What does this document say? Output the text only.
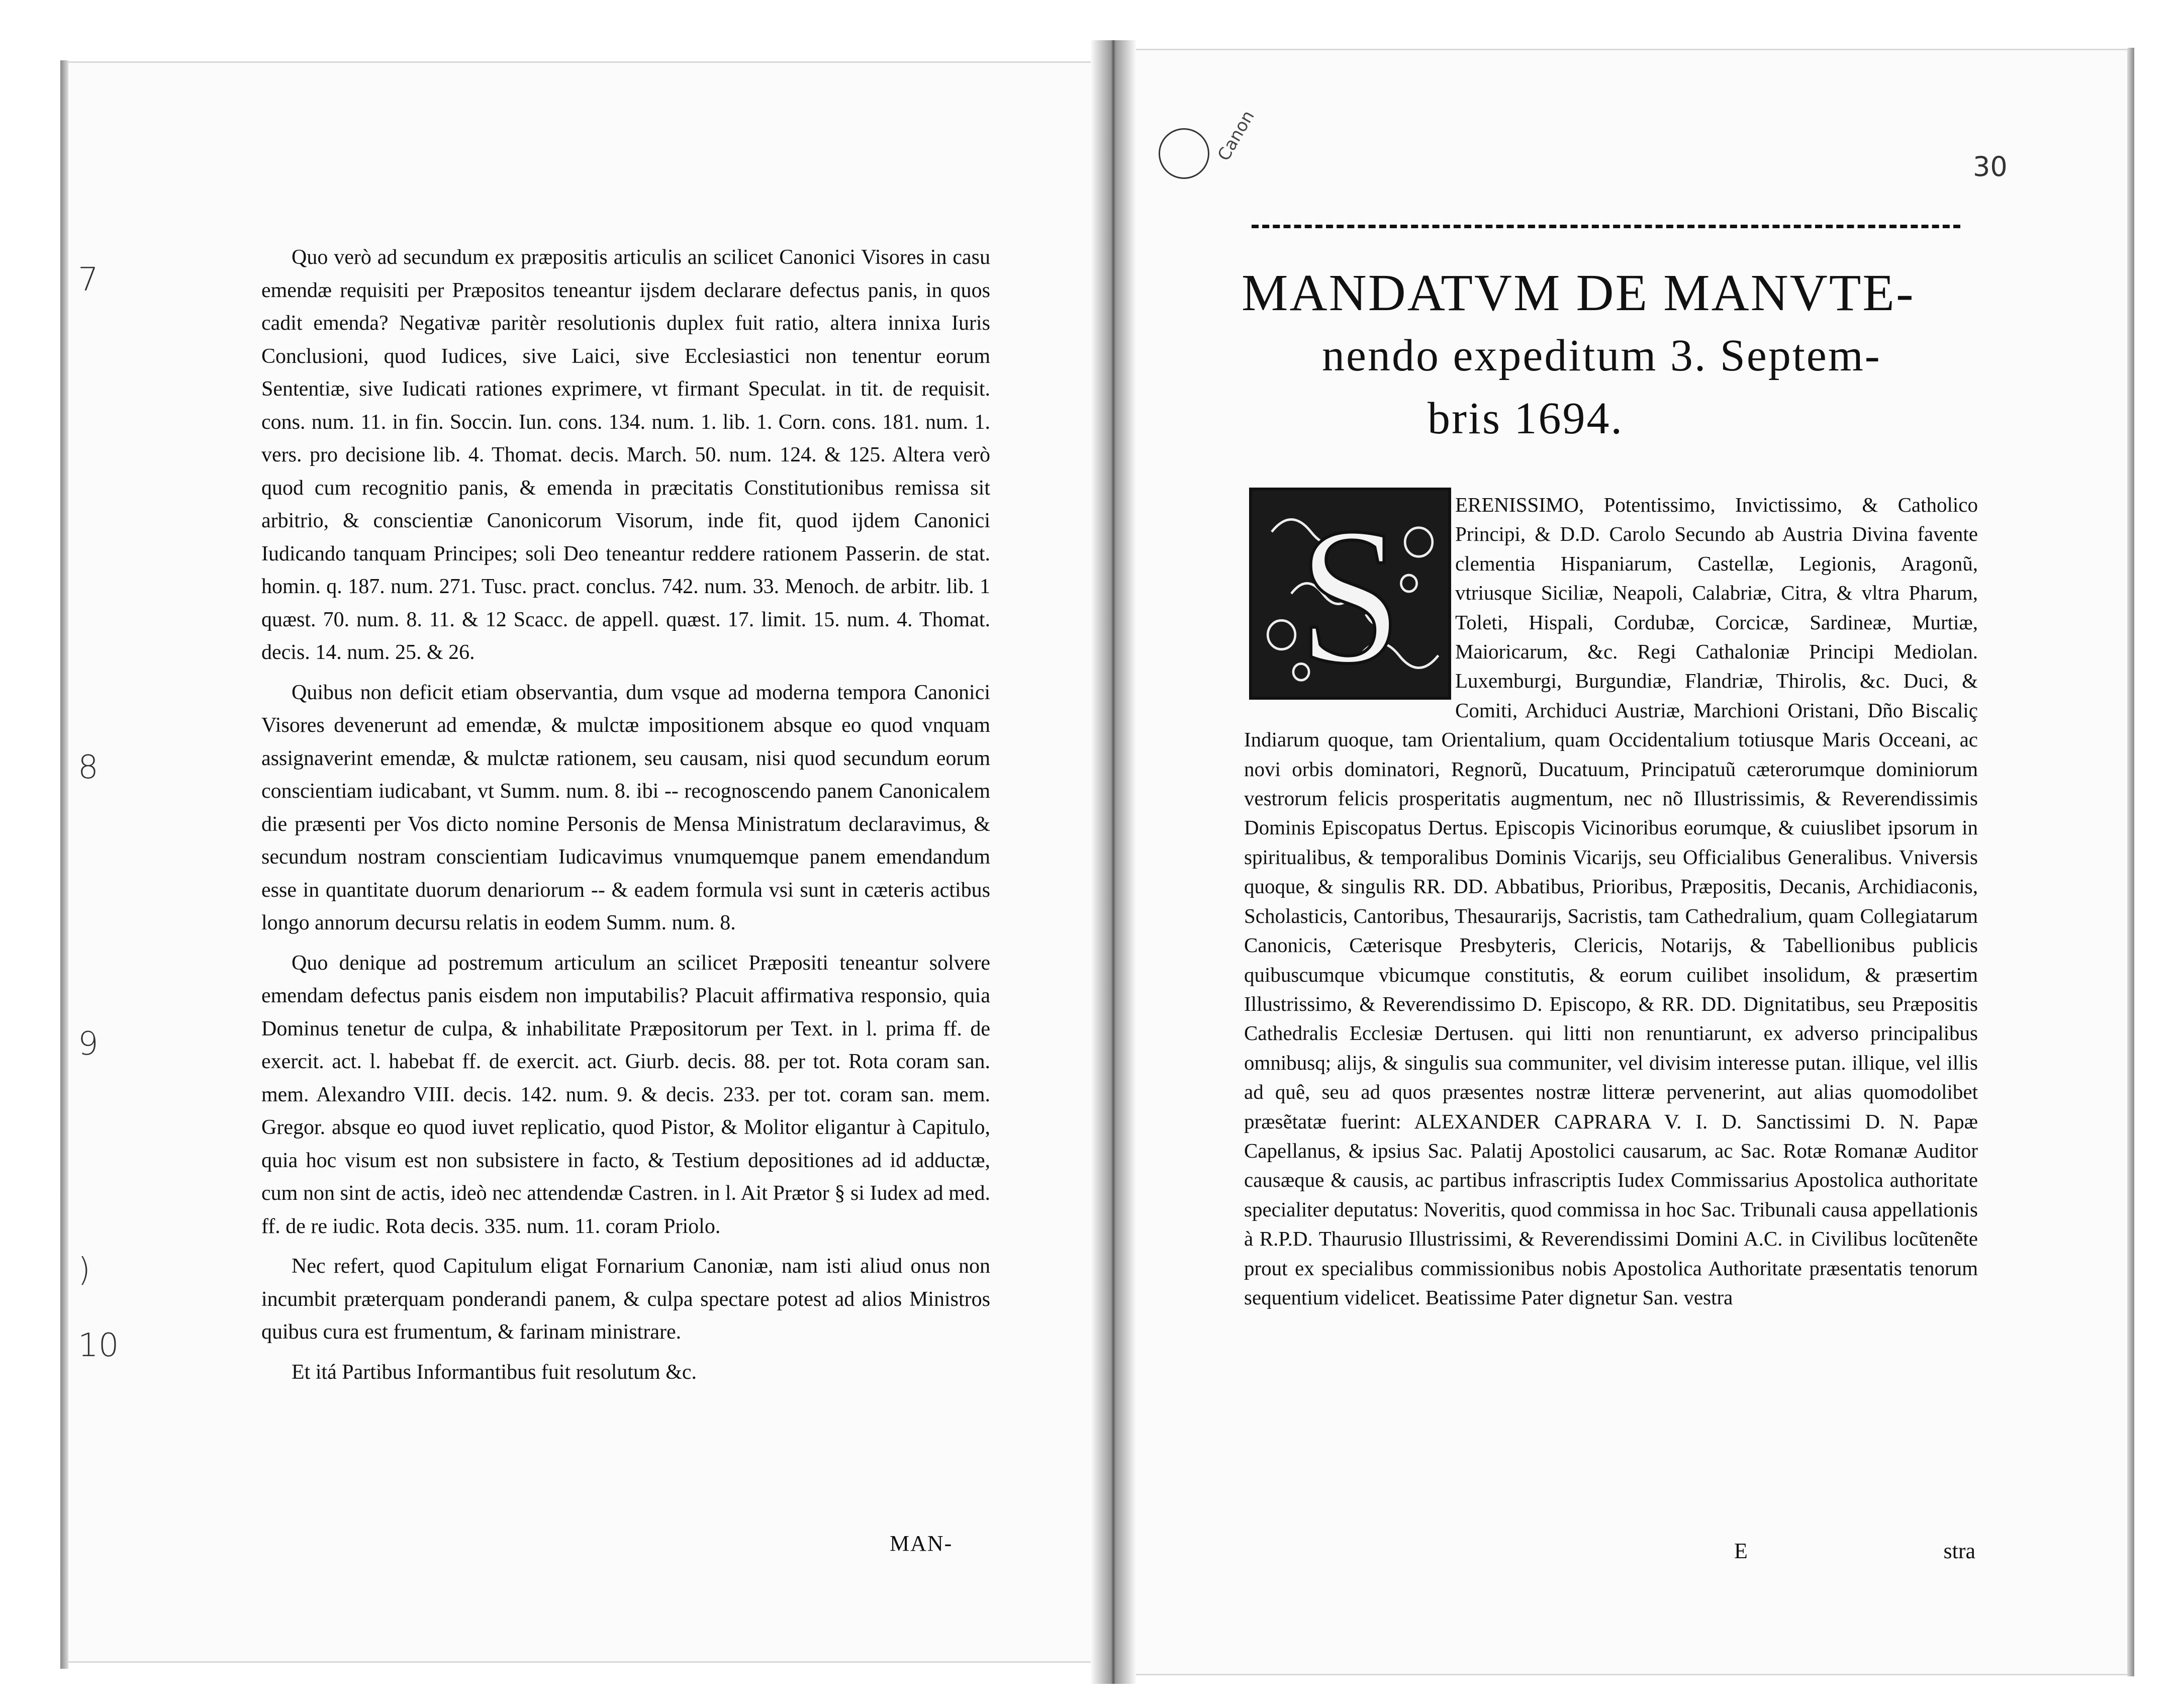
7
8
9
)
10

Quo verò ad secundum ex præpositis articulis an scilicet Canonici Visores in casu emendæ requisiti per Præpositos teneantur ijsdem declarare defectus panis, in quos cadit emenda? Negativæ paritèr resolutionis duplex fuit ratio, altera innixa Iuris Conclusioni, quod Iudices, sive Laici, sive Ecclesiastici non tenentur eorum Sententiæ, sive Iudicati rationes exprimere, vt firmant Speculat. in tit. de requisit. cons. num. 11. in fin. Soccin. Iun. cons. 134. num. 1. lib. 1. Corn. cons. 181. num. 1. vers. pro decisione lib. 4. Thomat. decis. March. 50. num. 124. & 125. Altera verò quod cum recognitio panis, & emenda in præcitatis Constitutionibus remissa sit arbitrio, & conscientiæ Canonicorum Visorum, inde fit, quod ijdem Canonici Iudicando tanquam Principes; soli Deo teneantur reddere rationem Passerin. de stat. homin. q. 187. num. 271. Tusc. pract. conclus. 742. num. 33. Menoch. de arbitr. lib. 1 quæst. 70. num. 8. 11. & 12 Scacc. de appell. quæst. 17. limit. 15. num. 4. Thomat. decis. 14. num. 25. & 26.

Quibus non deficit etiam observantia, dum vsque ad moderna tempora Canonici Visores devenerunt ad emendæ, & mulctæ impositionem absque eo quod vnquam assignaverint emendæ, & mulctæ rationem, seu causam, nisi quod secundum eorum conscientiam iudicabant, vt Summ. num. 8. ibi -- recognoscendo panem Canonicalem die præsenti per Vos dicto nomine Personis de Mensa Ministratum declaravimus, & secundum nostram conscientiam Iudicavimus vnumquemque panem emendandum esse in quantitate duorum denariorum -- & eadem formula vsi sunt in cæteris actibus longo annorum decursu relatis in eodem Summ. num. 8.

Quo denique ad postremum articulum an scilicet Præpositi teneantur solvere emendam defectus panis eisdem non imputabilis? Placuit affirmativa responsio, quia Dominus tenetur de culpa, & inhabilitate Præpositorum per Text. in l. prima ff. de exercit. act. l. habebat ff. de exercit. act. Giurb. decis. 88. per tot. Rota coram san. mem. Alexandro VIII. decis. 142. num. 9. & decis. 233. per tot. coram san. mem. Gregor. absque eo quod iuvet replicatio, quod Pistor, & Molitor eligantur à Capitulo, quia hoc visum est non subsistere in facto, & Testium depositiones ad id adductæ, cum non sint de actis, ideò nec attendendæ Castren. in l. Ait Prætor § si Iudex ad med. ff. de re iudic. Rota decis. 335. num. 11. coram Priolo.

Nec refert, quod Capitulum eligat Fornarium Canoniæ, nam isti aliud onus non incumbit præterquam ponderandi panem, & culpa spectare potest ad alios Ministros quibus cura est frumentum, & farinam ministrare.

Et itá Partibus Informantibus fuit resolutum &c.

MAN-
Canon
30
MANDATVM DE MANVTE-
nendo expeditum 3. Septem-
bris 1694.
S	ERENISSIMO, Potentissimo, Invictissimo, & Catholico Principi, & D.D. Carolo Secundo ab Austria Divina favente clementia Hispaniarum, Castellæ, Legionis, Aragonũ, vtriusque Siciliæ, Neapoli, Calabriæ, Citra, & vltra Pharum, Toleti, Hispali, Cordubæ, Corcicæ, Sardineæ, Murtiæ, Maioricarum, &c. Regi Cathaloniæ Principi Mediolan. Luxemburgi, Burgundiæ, Flandriæ, Thirolis, &c. Duci, & Comiti, Archiduci Austriæ, Marchioni Oristani, Dño Biscaliç Indiarum quoque, tam Orientalium, quam Occidentalium totiusque Maris Occeani, ac novi orbis dominatori, Regnorũ, Ducatuum, Principatuũ cæterorumque dominiorum vestrorum felicis prosperitatis augmentum, nec nõ Illustrissimis, & Reverendissimis Dominis Episcopatus Dertus. Episcopis Vicinoribus eorumque, & cuiuslibet ipsorum in spiritualibus, & temporalibus Dominis Vicarijs, seu Officialibus Generalibus. Vniversis quoque, & singulis RR. DD. Abbatibus, Prioribus, Præpositis, Decanis, Archidiaconis, Scholasticis, Cantoribus, Thesaurarijs, Sacristis, tam Cathedralium, quam Collegiatarum Canonicis, Cæterisque Presbyteris, Clericis, Notarijs, & Tabellionibus publicis quibuscumque vbicumque constitutis, & eorum cuilibet insolidum, & præsertim Illustrissimo, & Reverendissimo D. Episcopo, & RR. DD. Dignitatibus, seu Præpositis Cathedralis Ecclesiæ Dertusen. qui litti non renuntiarunt, ex adverso principalibus omnibusq; alijs, & singulis sua communiter, vel divisim interesse putan. illique, vel illis ad quê, seu ad quos præsentes nostræ litteræ pervenerint, aut alias quomodolibet præsẽtatæ fuerint: ALEXANDER CAPRARA V. I. D. Sanctissimi D. N. Papæ Capellanus, & ipsius Sac. Palatij Apostolici causarum, ac Sac. Rotæ Romanæ Auditor causæque & causis, ac partibus infrascriptis Iudex Commissarius Apostolica authoritate specialiter deputatus: Noveritis, quod commissa in hoc Sac. Tribunali causa appellationis à R.P.D. Thaurusio Illustrissimi, & Reverendissimi Domini A.C. in Civilibus locũtenẽte prout ex specialibus commissionibus nobis Apostolica Authoritate præsentatis tenorum sequentium videlicet. Beatissime Pater dignetur San. vestra

E	stra
